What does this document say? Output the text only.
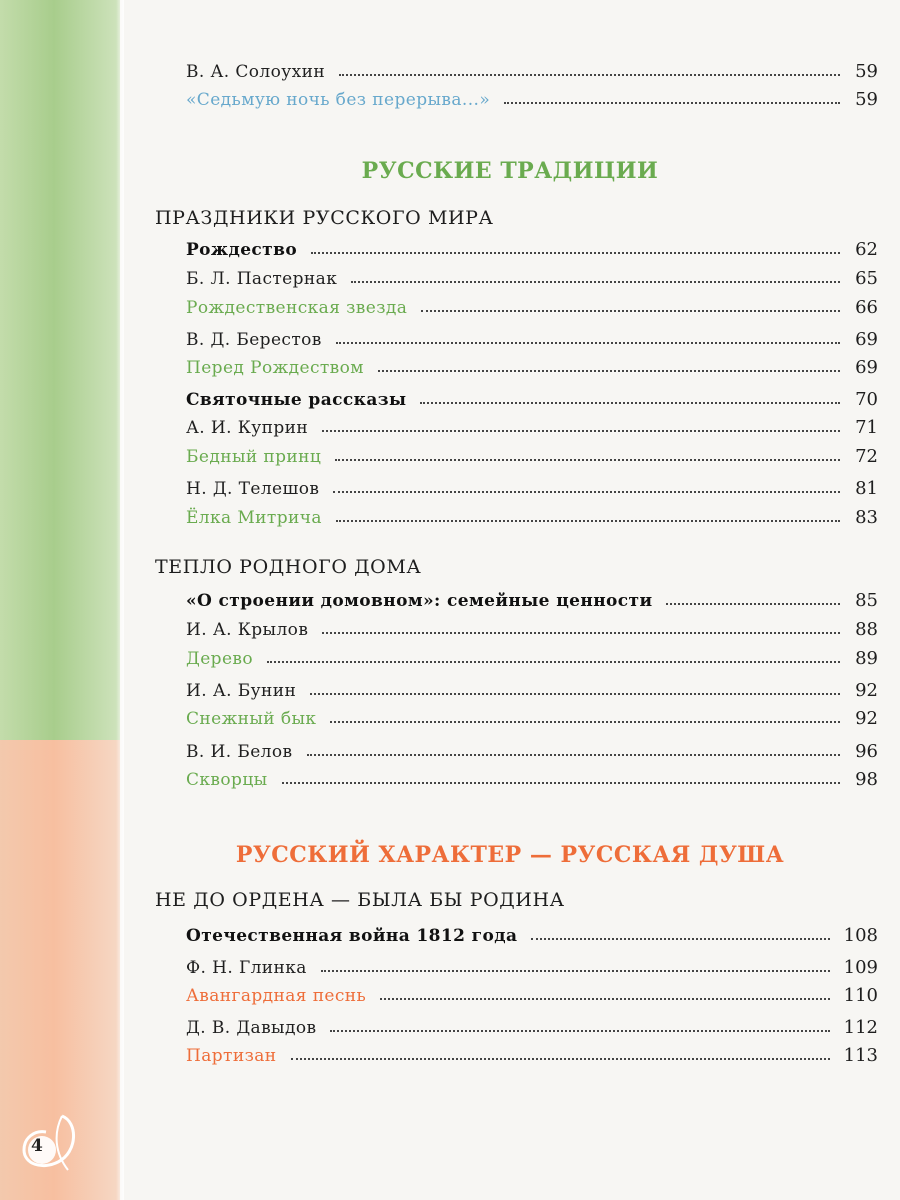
В. А. Солоухин	59
«Седьмую ночь без перерыва...»	59
РУССКИЕ ТРАДИЦИИ
ПРАЗДНИКИ РУССКОГО МИРА
Рождество	62
Б. Л. Пастернак	65
Рождественская звезда	66
В. Д. Берестов	69
Перед Рождеством	69
Святочные рассказы	70
А. И. Куприн	71
Бедный принц	72
Н. Д. Телешов	81
Ёлка Митрича	83
ТЕПЛО РОДНОГО ДОМА
«О строении домовном»: семейные ценности	85
И. А. Крылов	88
Дерево	89
И. А. Бунин	92
Снежный бык	92
В. И. Белов	96
Скворцы	98
РУССКИЙ ХАРАКТЕР — РУССКАЯ ДУША
НЕ ДО ОРДЕНА — БЫЛА БЫ РОДИНА
Отечественная война 1812 года	108
Ф. Н. Глинка	109
Авангардная песнь	110
Д. В. Давыдов	112
Партизан	113
4
